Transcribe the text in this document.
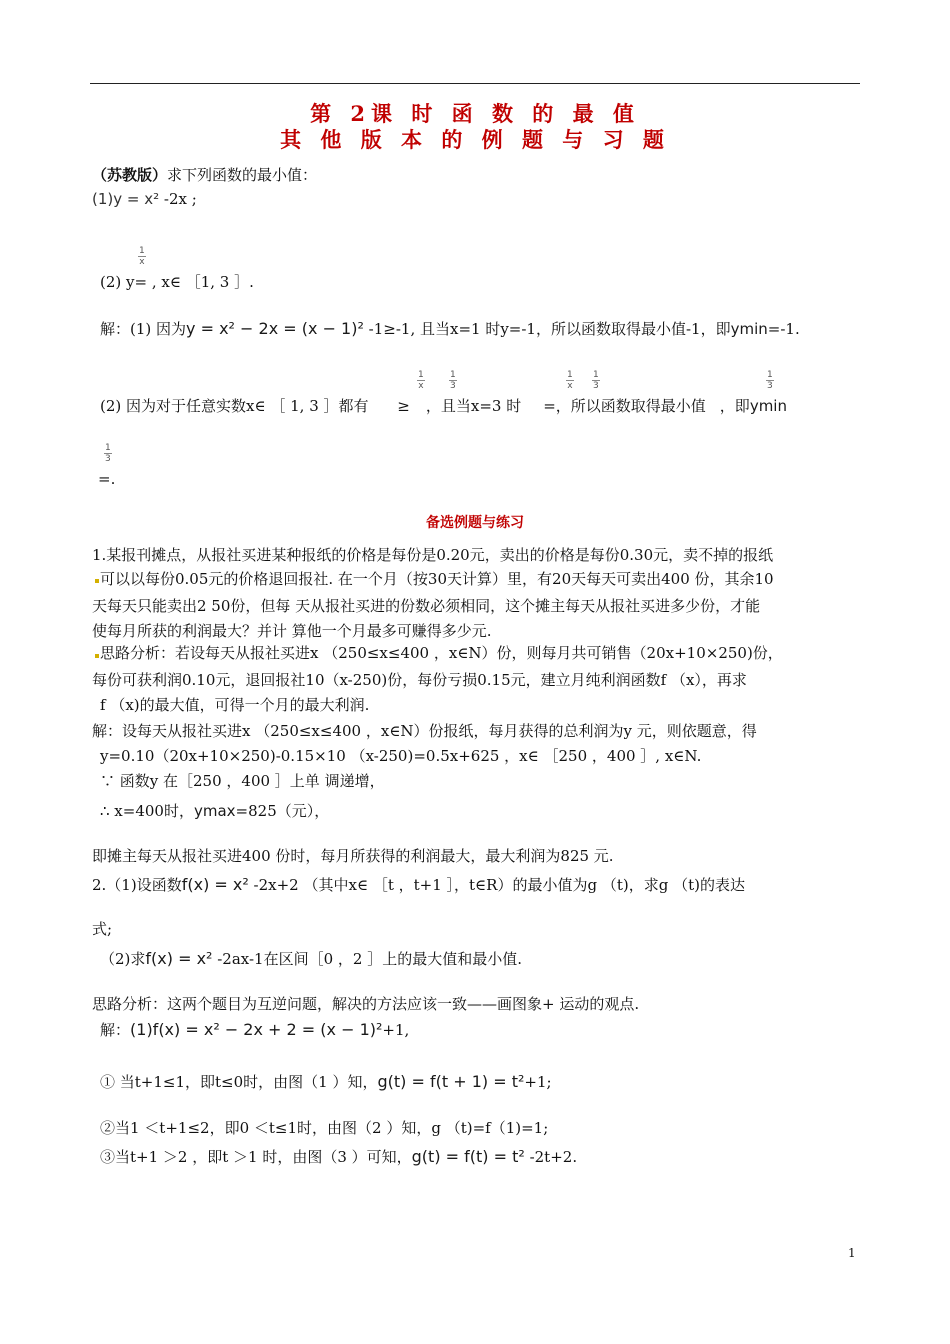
第 2课 时 函 数 的 最 值
其 他 版 本 的 例 题 与 习 题
（苏教版）求下列函数的最小值：
(1)y = x² -2x ;
$\frac{1}{x}$
(2) y= , x∈ ［1, 3 ］.
解：(1) 因为y = x² − 2x = (x − 1)² -1≥-1, 且当x=1 时y=-1，所以函数取得最小值-1，即ymin=-1.
$\frac{1}{x}$	$\frac{1}{3}$	$\frac{1}{x} \frac{1}{3}$	$\frac{1}{3}$
(2) 因为对于任意实数x∈ ［ 1, 3 ］都有 ≥ ，且当x=3 时 =，所以函数取得最小值 ，即ymin
$\frac{1}{3}$
=.
备选例题与练习
1.某报刊摊点，从报社买进某种报纸的价格是每份是0.20元，卖出的价格是每份0.30元，卖不掉的报纸
可以以每份0.05元的价格退回报社. 在一个月（按30天计算）里，有20天每天可卖出400 份，其余10
天每天只能卖出2 50份，但每 天从报社买进的份数必须相同，这个摊主每天从报社买进多少份，才能
使每月所获的利润最大？并计 算他一个月最多可赚得多少元.
思路分析：若设每天从报社买进x （250≤x≤400 ，x∈N）份，则每月共可销售（20x+10×250)份，
每份可获利润0.10元，退回报社10（x-250)份，每份亏损0.15元，建立月纯利润函数f （x），再求
f （x)的最大值，可得一个月的最大利润.
解：设每天从报社买进x （250≤x≤400 ，x∈N）份报纸，每月获得的总利润为y 元，则依题意，得
y=0.10（20x+10×250)-0.15×10 （x-250)=0.5x+625 ，x∈ ［250 ，400 ］, x∈N.
∵ 函数y 在［250 ，400 ］上单 调递增，
∴ x=400时，ymax=825（元），
即摊主每天从报社买进400 份时，每月所获得的利润最大，最大利润为825 元.
2.（1)设函数f(x) = x² -2x+2 （其中x∈ ［t ，t+1 ］，t∈R）的最小值为g （t)，求g （t)的表达
式;
（2)求f(x) = x² -2ax-1在区间［0 ，2 ］上的最大值和最小值.
思路分析：这两个题目为互逆问题，解决的方法应该一致——画图象+ 运动的观点.
解：(1)f(x) = x² − 2x + 2 = (x − 1)²+1,
① 当t+1≤1，即t≤0时，由图（1 ）知，g(t) = f(t + 1) = t²+1;
②当1 ＜t+1≤2，即0 ＜t≤1时，由图（2 ）知，g （t)=f（1)=1;
③当t+1 ＞2 ，即t ＞1 时，由图（3 ）可知，g(t) = f(t) = t² -2t+2.
1
